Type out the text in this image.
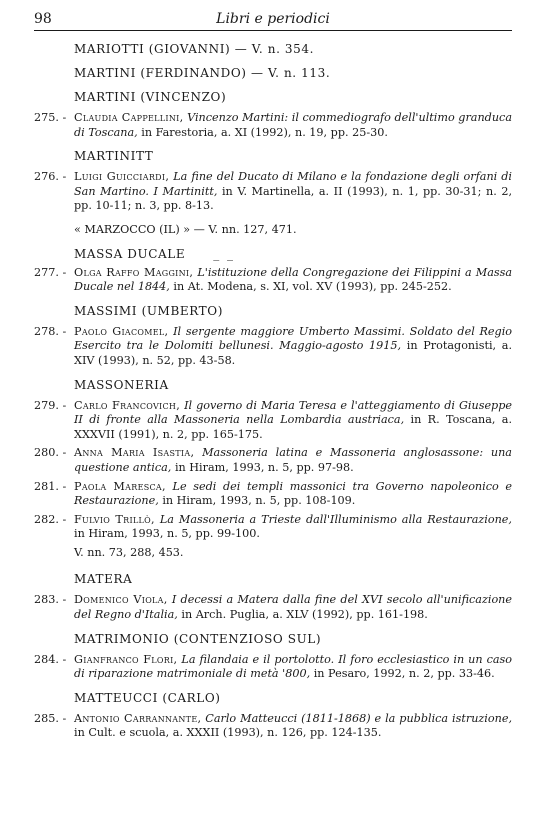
98	Libri e periodici

MARIOTTI (GIOVANNI) — V. n. 354.

MARTINI (FERDINANDO) — V. n. 113.

MARTINI (VINCENZO)

275. - Claudia Cappellini, Vincenzo Martini: il commediografo dell'ultimo granduca di Toscana, in Farestoria, a. XI (1992), n. 19, pp. 25-30.

MARTINITT

276. - Luigi Guicciardi, La fine del Ducato di Milano e la fondazione degli orfani di San Martino. I Martinitt, in V. Martinella, a. II (1993), n. 1, pp. 30-31; n. 2, pp. 10-11; n. 3, pp. 8-13.

« MARZOCCO (IL) » — V. nn. 127, 471.

MASSA DUCALE _ _

277. - Olga Raffo Maggini, L'istituzione della Congregazione dei Filippini a Massa Ducale nel 1844, in At. Modena, s. XI, vol. XV (1993), pp. 245-252.

MASSIMI (UMBERTO)

278. - Paolo Giacomel, Il sergente maggiore Umberto Massimi. Soldato del Regio Esercito tra le Dolomiti bellunesi. Maggio-agosto 1915, in Protagonisti, a. XIV (1993), n. 52, pp. 43-58.

MASSONERIA

279. - Carlo Francovich, Il governo di Maria Teresa e l'atteggiamento di Giuseppe II di fronte alla Massoneria nella Lombardia austriaca, in R. Toscana, a. XXXVII (1991), n. 2, pp. 165-175.

280. - Anna Maria Isastia, Massoneria latina e Massoneria anglosassone: una questione antica, in Hiram, 1993, n. 5, pp. 97-98.

281. - Paola Maresca, Le sedi dei templi massonici tra Governo napoleonico e Restaurazione, in Hiram, 1993, n. 5, pp. 108-109.

282. - Fulvio Trillò, La Massoneria a Trieste dall'Illuminismo alla Restaurazione, in Hiram, 1993, n. 5, pp. 99-100.

V. nn. 73, 288, 453.

MATERA

283. - Domenico Viola, I decessi a Matera dalla fine del XVI secolo all'unificazione del Regno d'Italia, in Arch. Puglia, a. XLV (1992), pp. 161-198.

MATRIMONIO (CONTENZIOSO SUL)

284. - Gianfranco Flori, La filandaia e il portolotto. Il foro ecclesiastico in un caso di riparazione matrimoniale di metà '800, in Pesaro, 1992, n. 2, pp. 33-46.

MATTEUCCI (CARLO)

285. - Antonio Carrannante, Carlo Matteucci (1811-1868) e la pubblica istruzione, in Cult. e scuola, a. XXXII (1993), n. 126, pp. 124-135.
